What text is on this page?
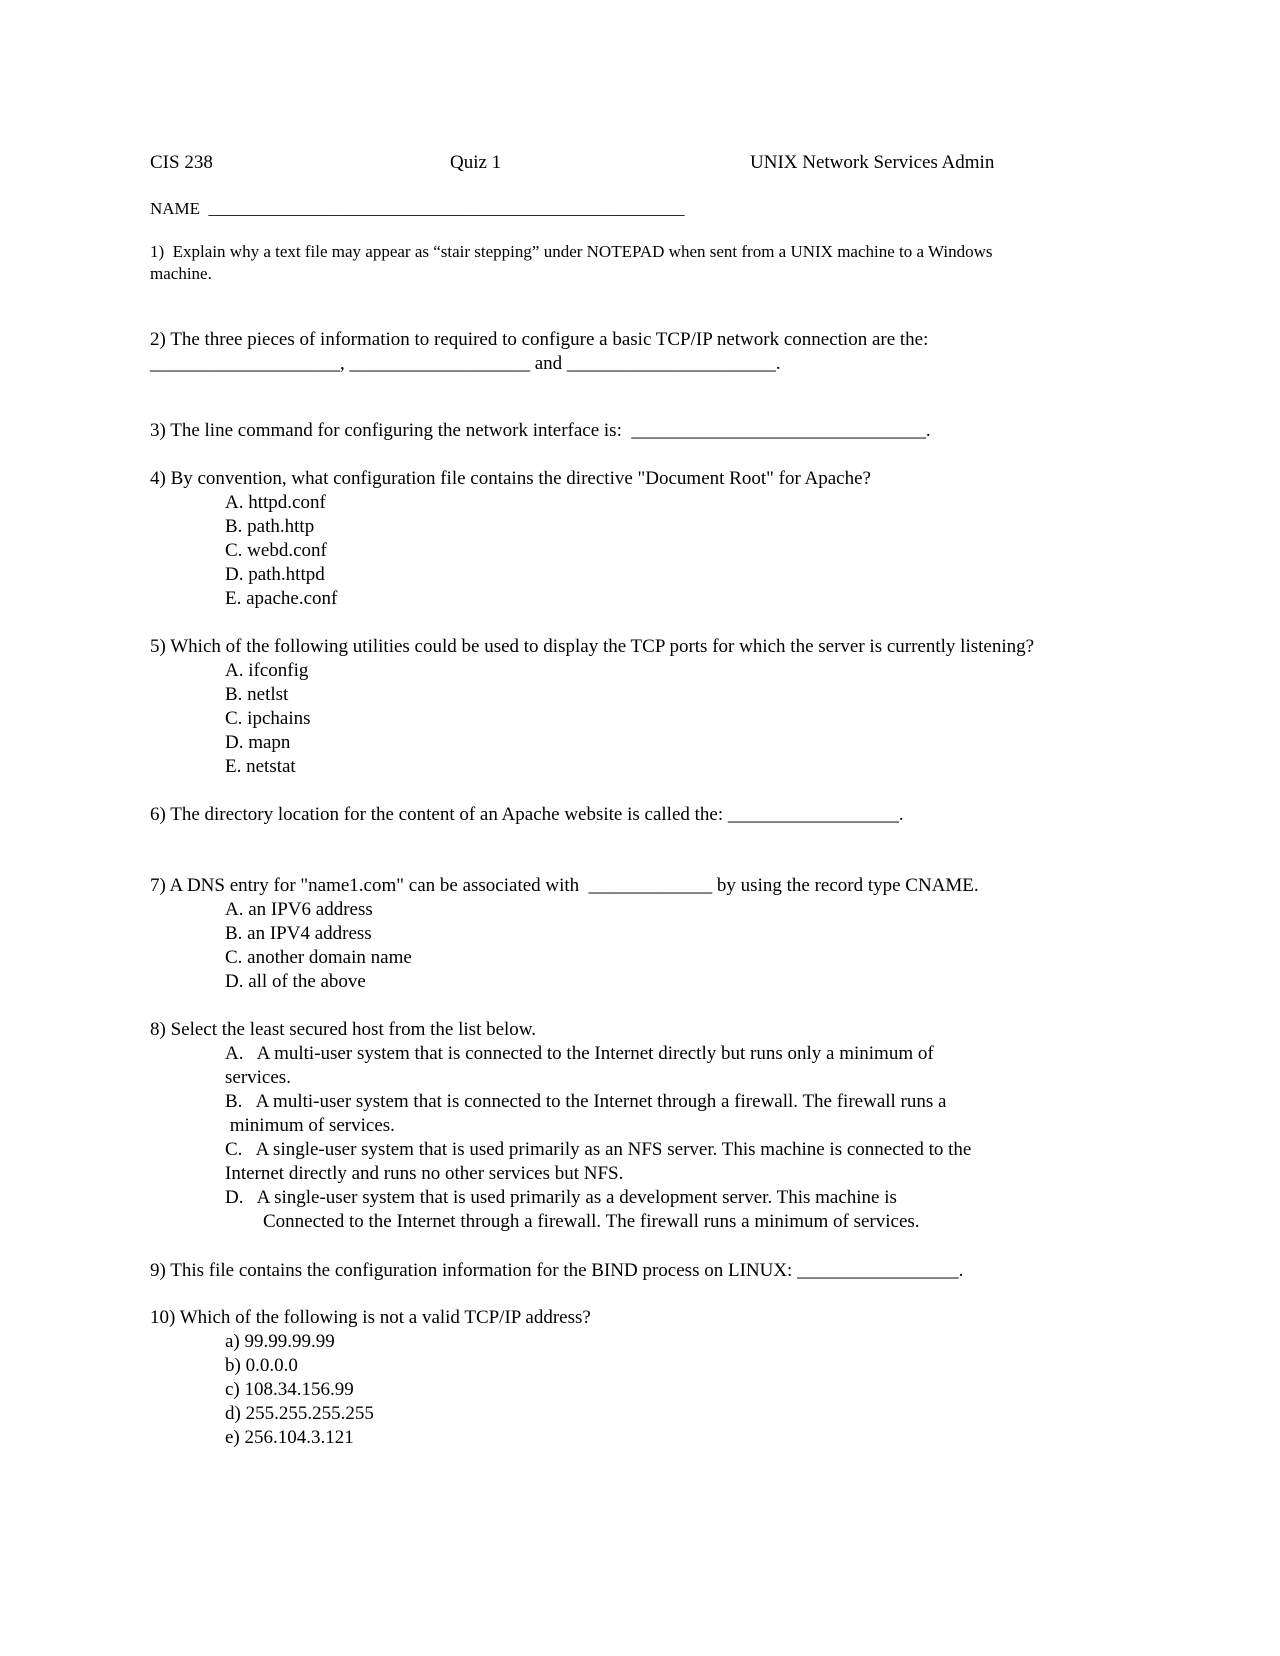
CIS 238	Quiz 1	UNIX Network Services Admin
NAME  ________________________________________________________
1)  Explain why a text file may appear as “stair stepping” under NOTEPAD when sent from a UNIX machine to a Windows
machine.
2) The three pieces of information to required to configure a basic TCP/IP network connection are the:
____________________, ___________________ and ______________________.
3) The line command for configuring the network interface is:  _______________________________.
4) By convention, what configuration file contains the directive "Document Root" for Apache?
A. httpd.conf
B. path.http
C. webd.conf
D. path.httpd
E. apache.conf
5) Which of the following utilities could be used to display the TCP ports for which the server is currently listening?
A. ifconfig
B. netlst
C. ipchains
D. mapn
E. netstat
6) The directory location for the content of an Apache website is called the: __________________.
7) A DNS entry for "name1.com" can be associated with  _____________ by using the record type CNAME.
A. an IPV6 address
B. an IPV4 address
C. another domain name
D. all of the above
8) Select the least secured host from the list below.
A.   A multi-user system that is connected to the Internet directly but runs only a minimum of
services.
B.   A multi-user system that is connected to the Internet through a firewall. The firewall runs a
minimum of services.
C.   A single-user system that is used primarily as an NFS server. This machine is connected to the
Internet directly and runs no other services but NFS.
D.   A single-user system that is used primarily as a development server. This machine is
Connected to the Internet through a firewall. The firewall runs a minimum of services.
9) This file contains the configuration information for the BIND process on LINUX: _________________.
10) Which of the following is not a valid TCP/IP address?
a) 99.99.99.99
b) 0.0.0.0
c) 108.34.156.99
d) 255.255.255.255
e) 256.104.3.121
